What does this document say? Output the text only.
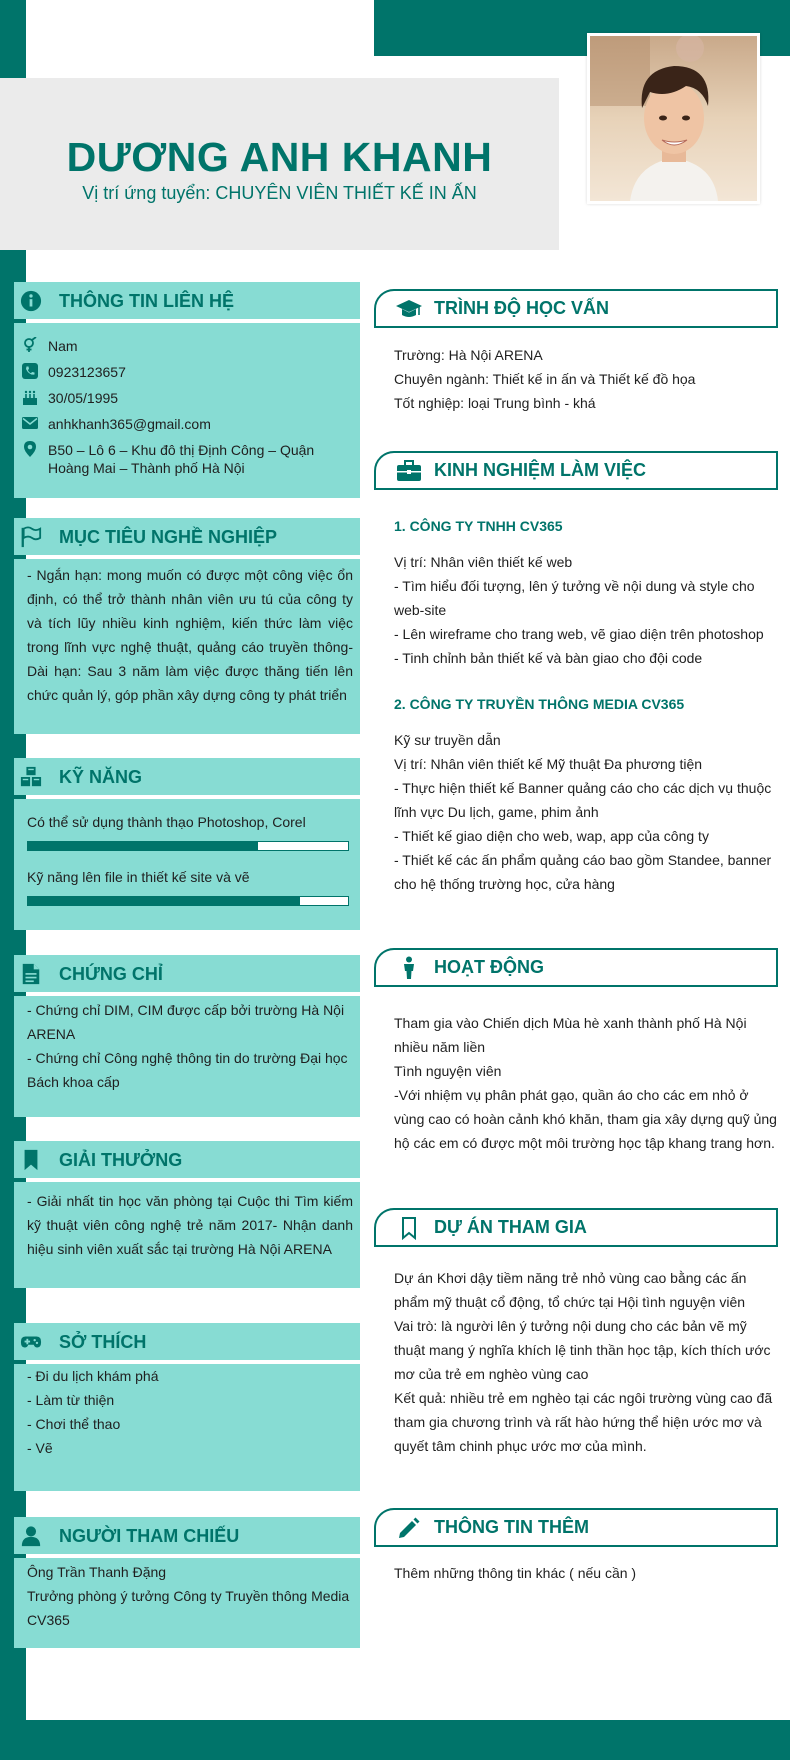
DƯƠNG ANH KHANH
Vị trí ứng tuyển: CHUYÊN VIÊN THIẾT KẾ IN ẤN
THÔNG TIN LIÊN HỆ
Nam
0923123657
30/05/1995
anhkhanh365@gmail.com
B50 – Lô 6 – Khu đô thị Định Công – Quận Hoàng Mai – Thành phố Hà Nội
MỤC TIÊU NGHỀ NGHIỆP
- Ngắn hạn: mong muốn có được một công việc ổn định, có thể trở thành nhân viên ưu tú của công ty và tích lũy nhiều kinh nghiệm, kiến thức làm việc trong lĩnh vực nghệ thuật, quảng cáo truyền thông- Dài hạn: Sau 3 năm làm việc được thăng tiến lên chức quản lý, góp phần xây dựng công ty phát triển
KỸ NĂNG
Có thể sử dụng thành thạo Photoshop, Corel
Kỹ năng lên file in thiết kế site và vẽ
CHỨNG CHỈ

- Chứng chỉ DIM, CIM được cấp bởi trường Hà Nội ARENA

- Chứng chỉ Công nghệ thông tin do trường Đại học Bách khoa cấp

GIẢI THƯỞNG
- Giải nhất tin học văn phòng tại Cuộc thi Tìm kiếm kỹ thuật viên công nghệ trẻ năm 2017- Nhận danh hiệu sinh viên xuất sắc tại trường Hà Nội ARENA
SỞ THÍCH

- Đi du lịch khám phá

- Làm từ thiện

- Chơi thể thao

- Vẽ

NGƯỜI THAM CHIẾU

Ông Trần Thanh Đặng

Trưởng phòng ý tưởng Công ty Truyền thông Media CV365

TRÌNH ĐỘ HỌC VẤN

Trường: Hà Nội ARENA

Chuyên ngành: Thiết kế in ấn và Thiết kế đồ họa

Tốt nghiệp: loại Trung bình - khá

KINH NGHIỆM LÀM VIỆC

1. CÔNG TY TNHH CV365

Vị trí: Nhân viên thiết kế web

- Tìm hiểu đối tượng, lên ý tưởng về nội dung và style cho web-site

- Lên wireframe cho trang web, vẽ giao diện trên photoshop

- Tinh chỉnh bản thiết kế và bàn giao cho đội code

2. CÔNG TY TRUYỀN THÔNG MEDIA CV365

Kỹ sư truyền dẫn

Vị trí: Nhân viên thiết kế Mỹ thuật Đa phương tiện

- Thực hiện thiết kế Banner quảng cáo cho các dịch vụ thuộc lĩnh vực Du lịch, game, phim ảnh

- Thiết kế giao diện cho web, wap, app của công ty

- Thiết kế các ấn phẩm quảng cáo bao gồm Standee, banner cho hệ thống trường học, cửa hàng

HOẠT ĐỘNG

Tham gia vào Chiến dịch Mùa hè xanh thành phố Hà Nội nhiều năm liền

Tình nguyện viên

-Với nhiệm vụ phân phát gạo, quần áo cho các em nhỏ ở vùng cao có hoàn cảnh khó khăn, tham gia xây dựng quỹ ủng hộ các em có được một môi trường học tập khang trang hơn.

DỰ ÁN THAM GIA

Dự án Khơi dậy tiềm năng trẻ nhỏ vùng cao bằng các ấn phẩm mỹ thuật cổ động, tổ chức tại Hội tình nguyện viên

Vai trò: là người lên ý tưởng nội dung cho các bản vẽ mỹ thuật mang ý nghĩa khích lệ tinh thần học tập, kích thích ước mơ của trẻ em nghèo vùng cao

Kết quả: nhiều trẻ em nghèo tại các ngôi trường vùng cao đã tham gia chương trình và rất hào hứng thể hiện ước mơ và quyết tâm chinh phục ước mơ của mình.

THÔNG TIN THÊM
Thêm những thông tin khác ( nếu cần )
